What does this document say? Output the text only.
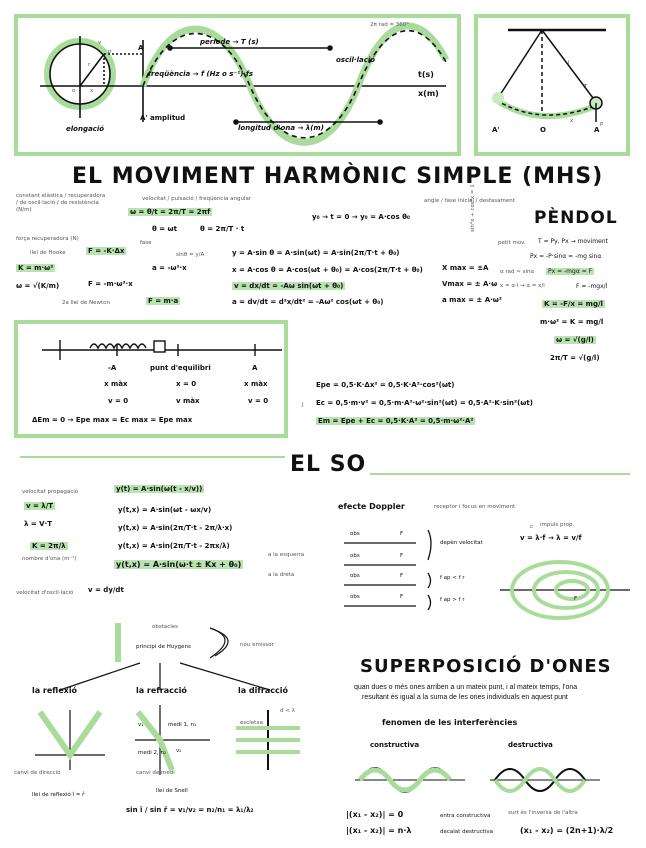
2π rad = 360°
període → T (s)
oscil·lació
freqüència → f (Hz o s⁻¹) fs	t(s)
x(m)
A
A' amplitud
longitud d'ona → λ(m)
elongació
v
P
r
o	x
l
T
A'	O	A
x
P
EL MOVIMENT HARMÒNIC SIMPLE (MHS)
constant elàstica / recuperadora / de oscil·lació / de resistència (N/m)
força recuperadora (N)
llei de Hooke	F = -K·Δx
K = m·ω²
ω = √(K/m)	F = -m·ω²·x
2a llei de Newton	F = m·a
a = -ω²·x
velocitat / pulsació / freqüència angular
ω = θ/t = 2π/T = 2πf
θ = ωt	θ = 2π/T · t
fase
sinθ = y/A	y = A·sin θ = A·sin(ωt) = A·sin(2π/T·t + θ₀)
x = A·cos θ = A·cos(ωt + θ₀) = A·cos(2π/T·t + θ₀)
v = dx/dt = -Aω sin(ωt + θ₀)
a = dv/dt = d²x/dt² = -Aω² cos(ωt + θ₀)
y₀ → t = 0 → y₀ = A·cos θ₀
angle / fase inicial / desfasament
sin²x + cos²x = 1
X max = ±A
Vmax = ± A·ω
a max = ± A·ω²
PÈNDOL
petit mov. T = Py, Px → moviment
Px = -P·sinα = -mg sinα
α rad ≈ sinα	Px = -mgα = F
x = α·l → α = x/l	F = -mgx/l
K = -F/x = mg/l
m·ω² = K = mg/l
ω = √(g/l)
2π/T = √(g/l)
-A	punt d'equilibri	A
x màx	x = 0	x màx
v = 0	v màx	v = 0
ΔEm = 0 → Epe max = Ec max = Epe max
J
Epe = 0,5·K·Δx² = 0,5·K·A²·cos²(ωt)
Ec = 0,5·m·v² = 0,5·m·A²·ω²·sin²(ωt) = 0,5·A²·K·sin²(ωt)
Em = Epe + Ec = 0,5·K·A² = 0,5·m·ω²·A²
EL SO
velocitat propagació	y(t) = A·sin(ω(t - x/v))
v = λ/T
λ = V·T
K = 2π/λ
nombre d'ona (m⁻¹)
y(t,x) = A·sin(ωt - ωx/v)
y(t,x) = A·sin(2π/T·t - 2π/λ·x)
y(t,x) = A·sin(2π/T·t - 2πx/λ)
y(t,x) = A·sin(ω·t ± Kx + θ₀)
a la esquerra
a la dreta
velocitat d'oscil·lació v = dy/dt
efecte Doppler	receptor i focus en moviment
obs	F
obs	F
obs	F
obs	F
depèn velocitat
f ap < f r
f ap > f r
impuls prop.
c
v = λ·f → λ = v/f
F
obstacles
principi de Huygens	nou emissor
la reflexió	la refracció	la difracció
canvi de direcció
llei de reflexió î = r̂
medi 1, n₁
medi 2, n₂
canvi de medi
v₁
v₂
escletxa
d < λ
llei de Snell
sin î / sin r̂ = v₁/v₂ = n₂/n₁ = λ₁/λ₂
SUPERPOSICIÓ D'ONES
quan dues o més ones arriben a un mateix punt, i al mateix temps, l'ona
resultant és igual a la suma de les ones individuals en aquest punt
fenomen de les interferències
constructiva	destructiva
|(x₁ - x₂)| = 0
|(x₁ - x₂)| = n·λ
entra constructiva
decalat destructiva
surt és l'inversa de l'altra
(x₁ - x₂) = (2n+1)·λ/2
